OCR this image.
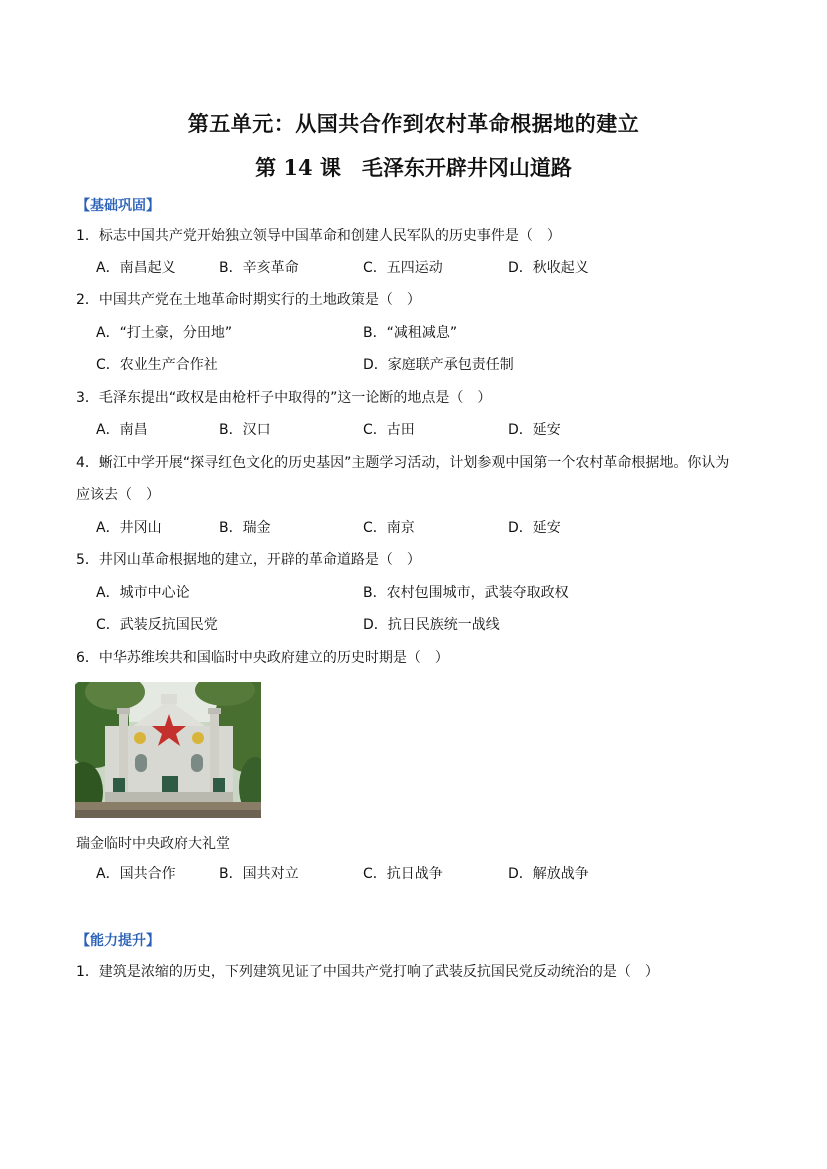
第五单元：从国共合作到农村革命根据地的建立
第 14 课　毛泽东开辟井冈山道路
【基础巩固】
1．标志中国共产党开始独立领导中国革命和创建人民军队的历史事件是（　）
A．南昌起义	B．辛亥革命	C．五四运动	D．秋收起义
2．中国共产党在土地革命时期实行的土地政策是（　）
A．“打土豪，分田地”	B．“减租减息”
C．农业生产合作社	D．家庭联产承包责任制
3．毛泽东提出“政权是由枪杆子中取得的”这一论断的地点是（　）
A．南昌	B．汉口	C．古田	D．延安
4．蜥江中学开展“探寻红色文化的历史基因”主题学习活动，计划参观中国第一个农村革命根据地。你认为
应该去（　）
A．井冈山	B．瑞金	C．南京	D．延安
5．井冈山革命根据地的建立，开辟的革命道路是（　）
A．城市中心论	B．农村包围城市，武装夺取政权
C．武装反抗国民党	D．抗日民族统一战线
6．中华苏维埃共和国临时中央政府建立的历史时期是（　）
瑞金临时中央政府大礼堂
A．国共合作	B．国共对立	C．抗日战争	D．解放战争
【能力提升】
1．建筑是浓缩的历史，下列建筑见证了中国共产党打响了武装反抗国民党反动统治的是（　）
